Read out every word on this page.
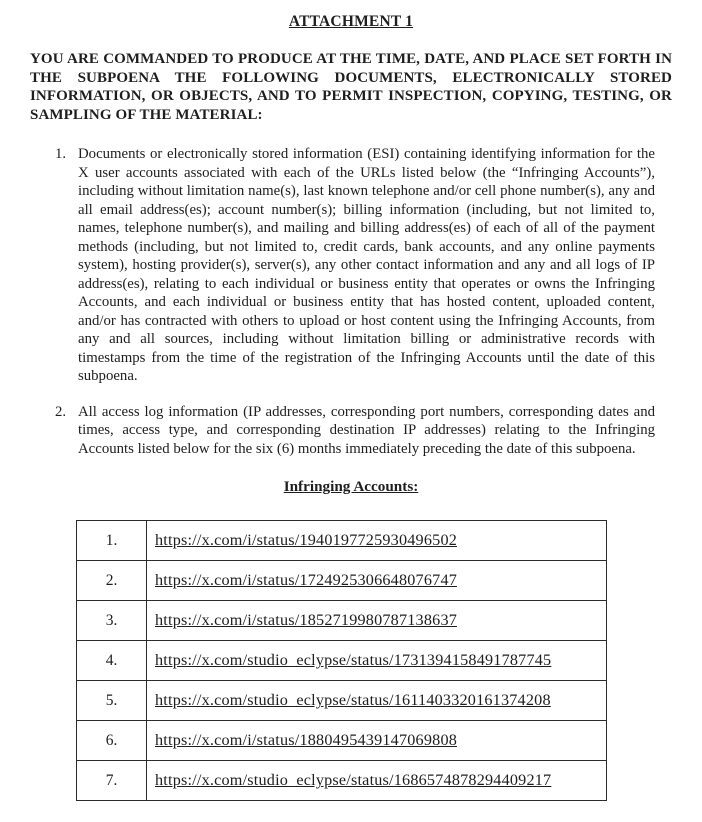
ATTACHMENT 1
YOU ARE COMMANDED TO PRODUCE AT THE TIME, DATE, AND PLACE SET FORTH IN THE SUBPOENA THE FOLLOWING DOCUMENTS, ELECTRONICALLY STORED INFORMATION, OR OBJECTS, AND TO PERMIT INSPECTION, COPYING, TESTING, OR SAMPLING OF THE MATERIAL:
1. Documents or electronically stored information (ESI) containing identifying information for the X user accounts associated with each of the URLs listed below (the “Infringing Accounts”), including without limitation name(s), last known telephone and/or cell phone number(s), any and all email address(es); account number(s); billing information (including, but not limited to, names, telephone number(s), and mailing and billing address(es) of each of all of the payment methods (including, but not limited to, credit cards, bank accounts, and any online payments system), hosting provider(s), server(s), any other contact information and any and all logs of IP address(es), relating to each individual or business entity that operates or owns the Infringing Accounts, and each individual or business entity that has hosted content, uploaded content, and/or has contracted with others to upload or host content using the Infringing Accounts, from any and all sources, including without limitation billing or administrative records with timestamps from the time of the registration of the Infringing Accounts until the date of this subpoena.
2. All access log information (IP addresses, corresponding port numbers, corresponding dates and times, access type, and corresponding destination IP addresses) relating to the Infringing Accounts listed below for the six (6) months immediately preceding the date of this subpoena.
Infringing Accounts:
1.	https://x.com/i/status/1940197725930496502
2.	https://x.com/i/status/1724925306648076747
3.	https://x.com/i/status/1852719980787138637
4.	https://x.com/studio_eclypse/status/1731394158491787745
5.	https://x.com/studio_eclypse/status/1611403320161374208
6.	https://x.com/i/status/1880495439147069808
7.	https://x.com/studio_eclypse/status/1686574878294409217
